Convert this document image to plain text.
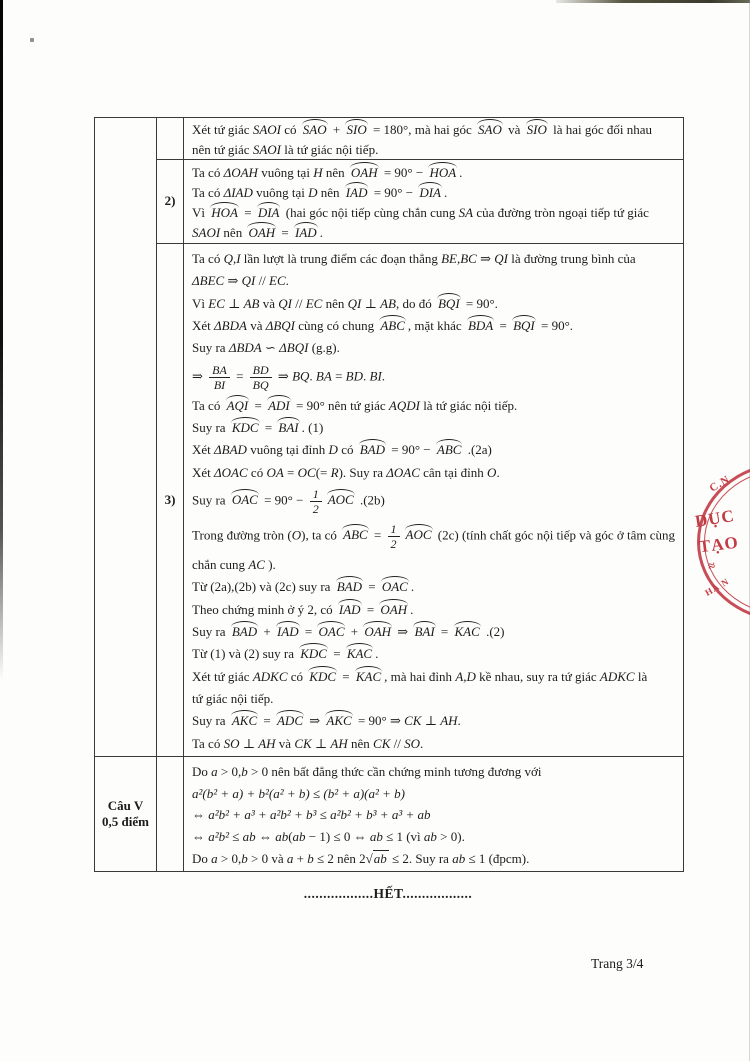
Xét tứ giác SAOI có SAO + SIO = 180°, mà hai góc SAO và SIO là hai góc đối nhau
nên tứ giác SAOI là tứ giác nội tiếp.
2)
Ta có ΔOAH vuông tại H nên OAH = 90° − HOA .
Ta có ΔIAD vuông tại D nên IAD = 90° − DIA .
Vì HOA = DIA (hai góc nội tiếp cùng chắn cung SA của đường tròn ngoại tiếp tứ giác
SAOI nên OAH = IAD .
3)
Ta có Q,I lần lượt là trung điểm các đoạn thẳng BE,BC ⇒ QI là đường trung bình của
ΔBEC ⇒ QI // EC.
Vì EC ⊥ AB và QI // EC nên QI ⊥ AB, do đó BQI = 90°.
Xét ΔBDA và ΔBQI cùng có chung ABC , mặt khác BDA = BQI = 90°.
Suy ra ΔBDA ∽ ΔBQI (g.g).
⇒ $\frac{BA}{BI} = \frac{BD}{BQ}$ ⇒ BQ. BA = BD. BI.
Ta có AQI = ADI = 90° nên tứ giác AQDI là tứ giác nội tiếp.
Suy ra KDC = BAI . (1)
Xét ΔBAD vuông tại đỉnh D có BAD = 90° − ABC .(2a)
Xét ΔOAC có OA = OC(= R). Suy ra ΔOAC cân tại đỉnh O.
Suy ra OAC = $90^\circ - \frac{1}{2}$ AOC .(2b)
Trong đường tròn (O), ta có ABC = $\frac{1}{2}$ AOC (2c) (tính chất góc nội tiếp và góc ở tâm cùng
chắn cung AC ).
Từ (2a),(2b) và (2c) suy ra BAD = OAC .
Theo chứng minh ở ý 2, có IAD = OAH .
Suy ra BAD + IAD = OAC + OAH ⇒ BAI = KAC .(2)
Từ (1) và (2) suy ra KDC = KAC .
Xét tứ giác ADKC có KDC = KAC , mà hai đỉnh A,D kề nhau, suy ra tứ giác ADKC là
tứ giác nội tiếp.
Suy ra AKC = ADC ⇒ AKC = 90° ⇒ CK ⊥ AH.
Ta có SO ⊥ AH và CK ⊥ AH nên CK // SO.
Câu V
0,5 điểm
Do a > 0,b > 0 nên bất đẳng thức cần chứng minh tương đương với
a²(b² + a) + b²(a² + b) ≤ (b² + a)(a² + b)
⇔ a²b² + a³ + a²b² + b³ ≤ a²b² + b³ + a³ + ab
⇔ a²b² ≤ ab ⇔ ab(ab − 1) ≤ 0 ⇔ ab ≤ 1 (vì ab > 0).
Do a > 0,b > 0 và a + b ≤ 2 nên 2√ab ≤ 2. Suy ra ab ≤ 1 (đpcm).
..................HẾT..................
Trang 3/4
C.N
DỤC
TẠO
≈
HÀ N
